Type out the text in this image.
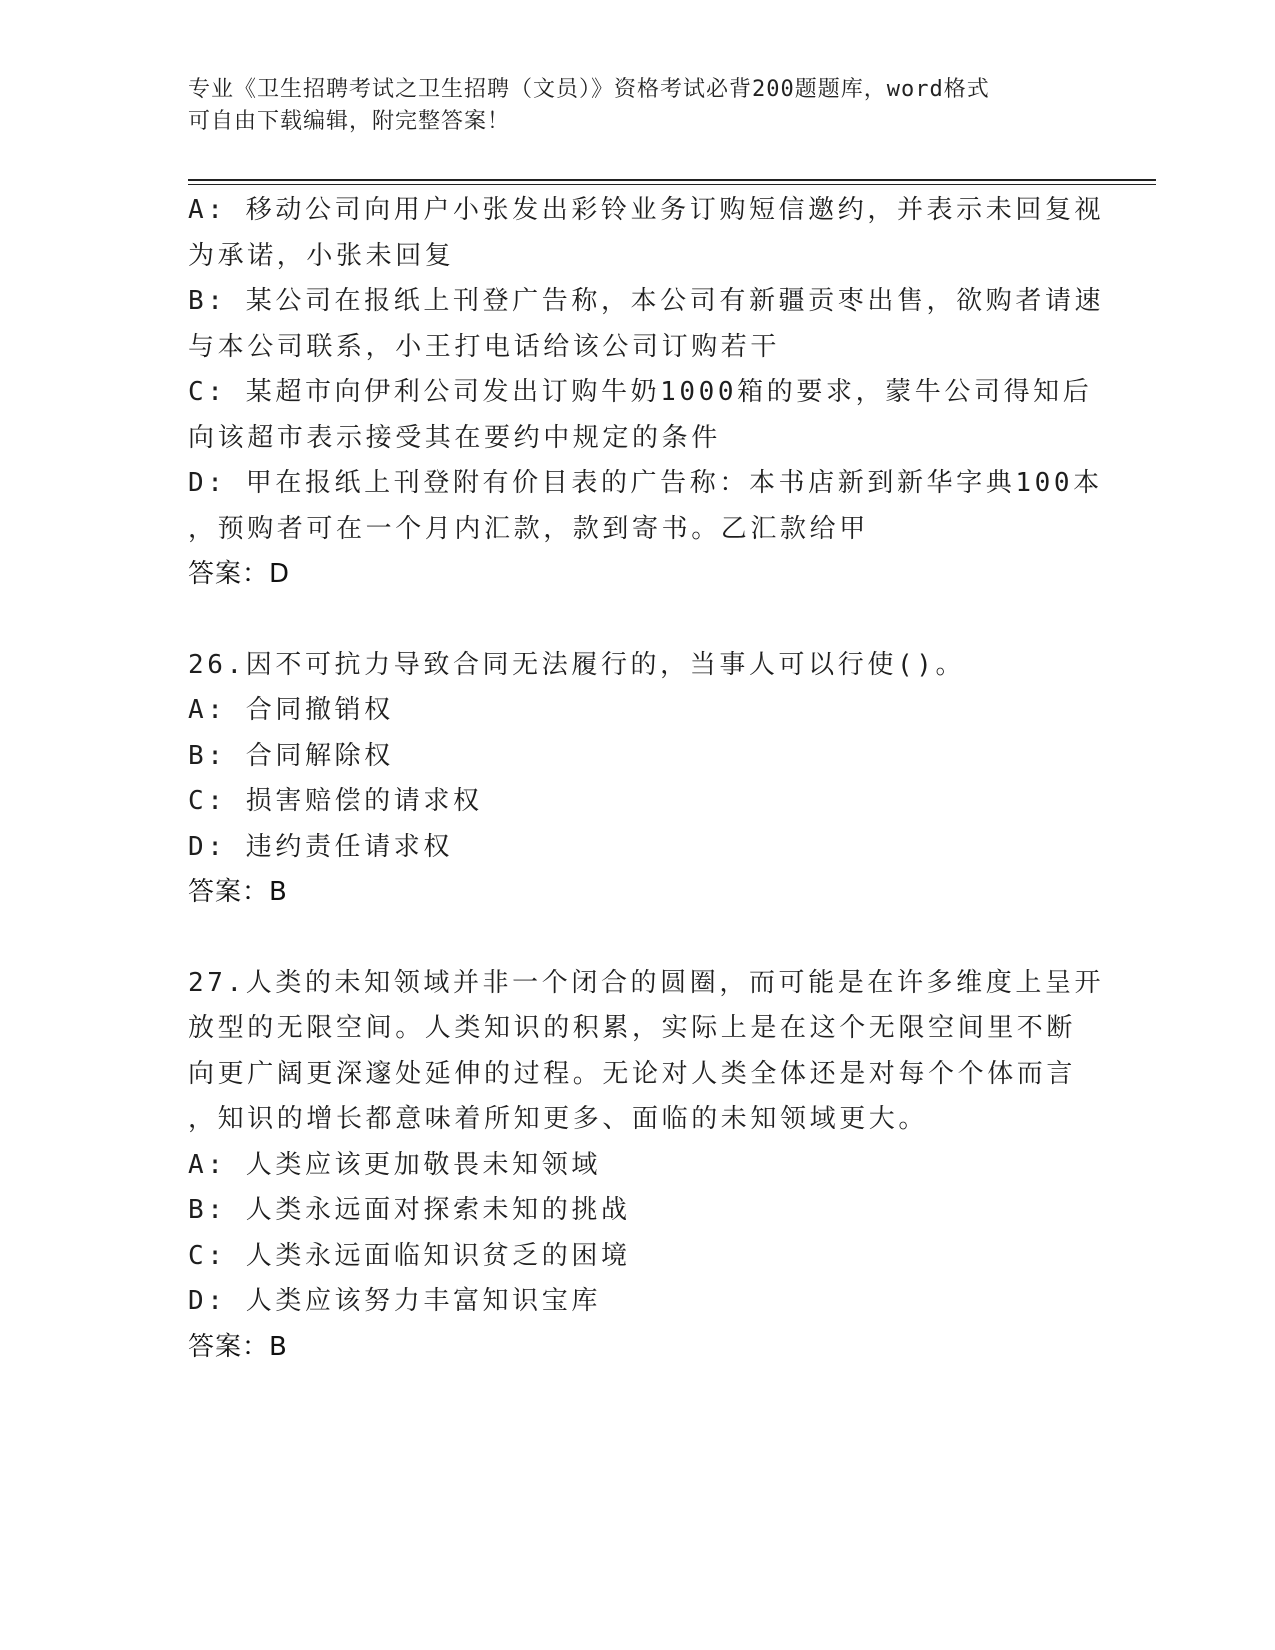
专业《卫生招聘考试之卫生招聘（文员）》资格考试必背200题题库，word格式
可自由下载编辑，附完整答案！
A: 移动公司向用户小张发出彩铃业务订购短信邀约，并表示未回复视
为承诺，小张未回复
B: 某公司在报纸上刊登广告称，本公司有新疆贡枣出售，欲购者请速
与本公司联系，小王打电话给该公司订购若干
C: 某超市向伊利公司发出订购牛奶1000箱的要求，蒙牛公司得知后
向该超市表示接受其在要约中规定的条件
D: 甲在报纸上刊登附有价目表的广告称：本书店新到新华字典100本
，预购者可在一个月内汇款，款到寄书。乙汇款给甲
答案：D
26.因不可抗力导致合同无法履行的，当事人可以行使()。
A: 合同撤销权
B: 合同解除权
C: 损害赔偿的请求权
D: 违约责任请求权
答案：B
27.人类的未知领域并非一个闭合的圆圈，而可能是在许多维度上呈开
放型的无限空间。人类知识的积累，实际上是在这个无限空间里不断
向更广阔更深邃处延伸的过程。无论对人类全体还是对每个个体而言
，知识的增长都意味着所知更多、面临的未知领域更大。
A: 人类应该更加敬畏未知领域
B: 人类永远面对探索未知的挑战
C: 人类永远面临知识贫乏的困境
D: 人类应该努力丰富知识宝库
答案：B
